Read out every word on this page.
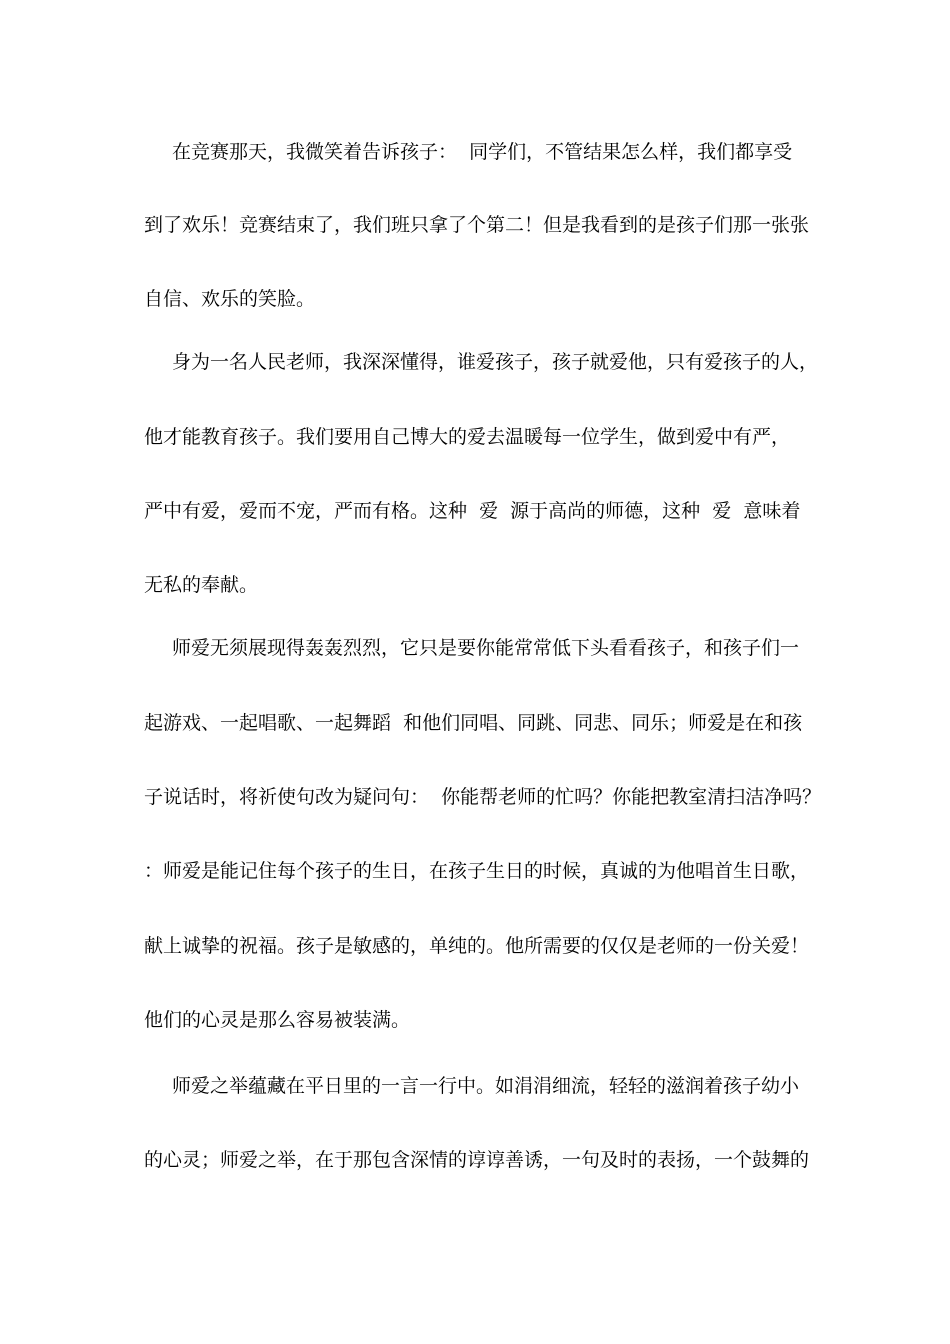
在竞赛那天，我微笑着告诉孩子：  同学们，不管结果怎么样，我们都享受
到了欢乐！竞赛结束了，我们班只拿了个第二！但是我看到的是孩子们那一张张
自信、欢乐的笑脸。
身为一名人民老师，我深深懂得，谁爱孩子，孩子就爱他，只有爱孩子的人，
他才能教育孩子。我们要用自己博大的爱去温暖每一位学生，做到爱中有严，
严中有爱，爱而不宠，严而有格。这种  爱  源于高尚的师德，这种  爱  意味着
无私的奉献。
师爱无须展现得轰轰烈烈，它只是要你能常常低下头看看孩子，和孩子们一
起游戏、一起唱歌、一起舞蹈  和他们同唱、同跳、同悲、同乐；师爱是在和孩
子说话时，将祈使句改为疑问句：  你能帮老师的忙吗？你能把教室清扫洁净吗？
：师爱是能记住每个孩子的生日，在孩子生日的时候，真诚的为他唱首生日歌，
献上诚挚的祝福。孩子是敏感的，单纯的。他所需要的仅仅是老师的一份关爱！
他们的心灵是那么容易被装满。
师爱之举蕴藏在平日里的一言一行中。如涓涓细流，轻轻的滋润着孩子幼小
的心灵；师爱之举，在于那包含深情的谆谆善诱，一句及时的表扬，一个鼓舞的
